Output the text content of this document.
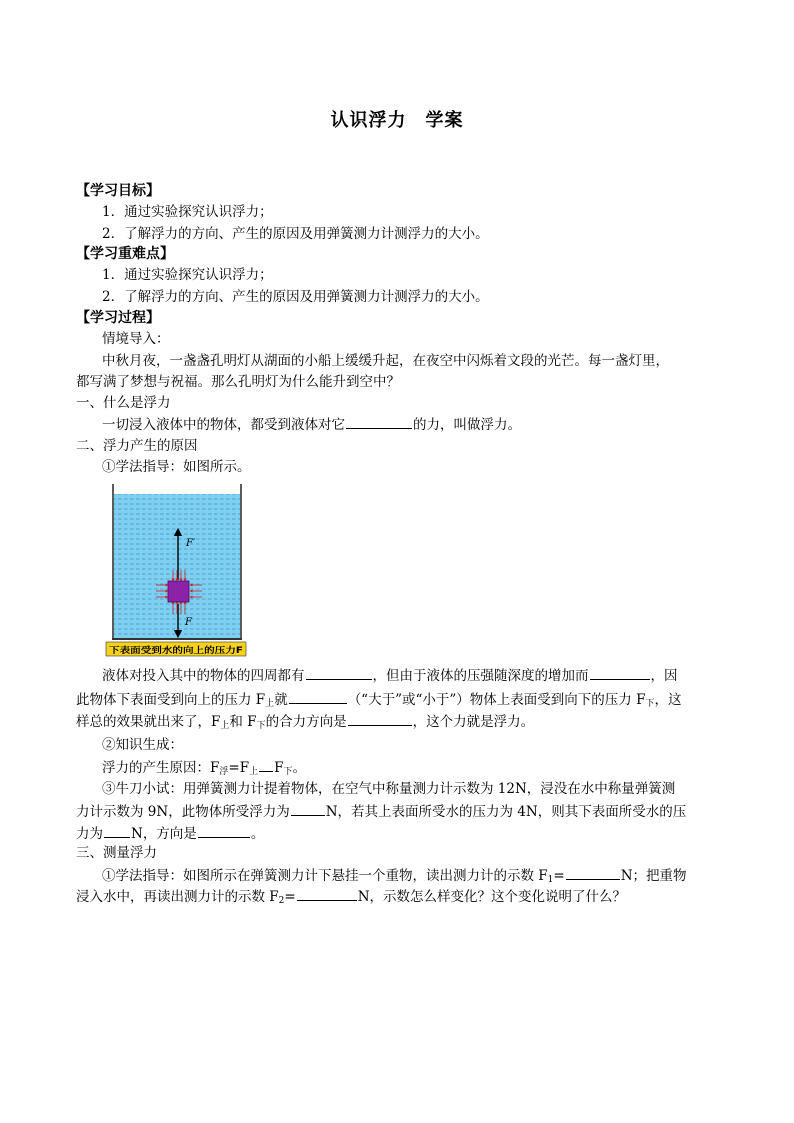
认识浮力　学案
【学习目标】
1．通过实验探究认识浮力；
2．了解浮力的方向、产生的原因及用弹簧测力计测浮力的大小。
【学习重难点】
1．通过实验探究认识浮力；
2．了解浮力的方向、产生的原因及用弹簧测力计测浮力的大小。
【学习过程】
情境导入：
中秋月夜，一盏盏孔明灯从湖面的小船上缓缓升起，在夜空中闪烁着文段的光芒。每一盏灯里，
都写满了梦想与祝福。那么孔明灯为什么能升到空中？
一、什么是浮力
一切浸入液体中的物体，都受到液体对它	的力，叫做浮力。
二、浮力产生的原因
①学法指导：如图所示。
F′
F
下表面受到水的向上的压力F
液体对投入其中的物体的四周都有	，但由于液体的压强随深度的增加而	，因
此物体下表面受到向上的压力 $F_上$就	（“大于”或“小于”）物体上表面受到向下的压力 $F_下$，这
样总的效果就出来了，$F_上$和 $F_下$的合力方向是	，这个力就是浮力。
②知识生成：
浮力的产生原因：$F_浮=F_上$ $F_下$。
③牛刀小试：用弹簧测力计提着物体，在空气中称量测力计示数为 12N，浸没在水中称量弹簧测
力计示数为 9N，此物体所受浮力为	N，若其上表面所受水的压力为 4N，则其下表面所受水的压
力为 N，方向是	。
三、测量浮力
①学法指导：如图所示在弹簧测力计下悬挂一个重物，读出测力计的示数 $F_1=$	N；把重物
浸入水中，再读出测力计的示数 $F_2=$	N，示数怎么样变化？这个变化说明了什么？
